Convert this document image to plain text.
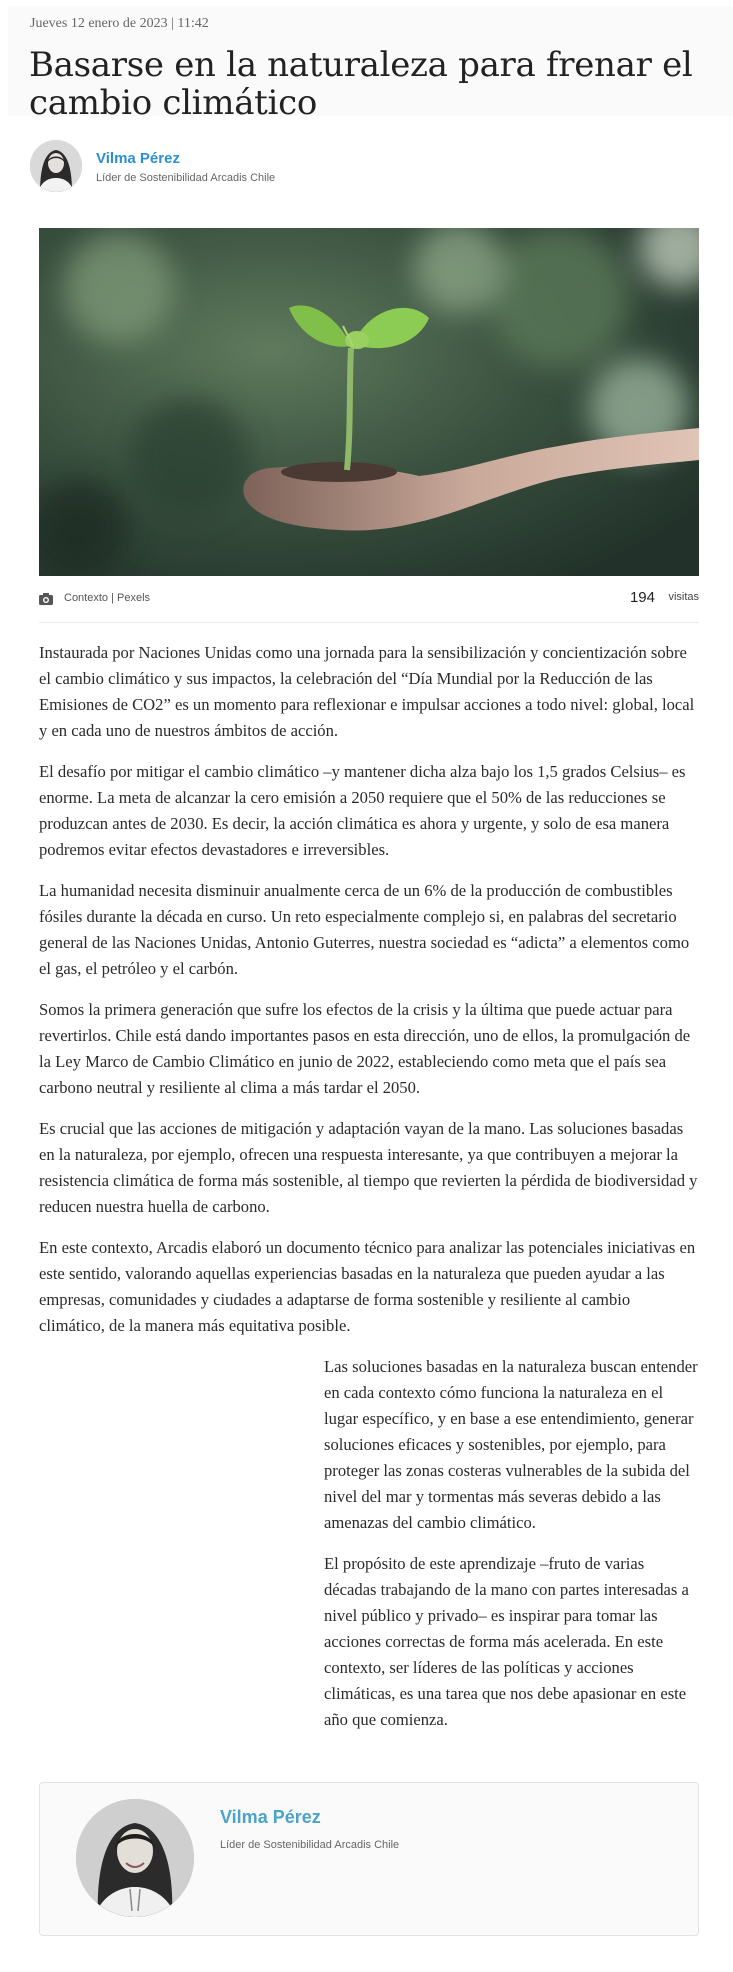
Jueves 12 enero de 2023 | 11:42
Basarse en la naturaleza para frenar el cambio climático
Vilma Pérez
Líder de Sostenibilidad Arcadis Chile
Contexto | Pexels	194 visitas

Instaurada por Naciones Unidas como una jornada para la sensibilización y concientización sobre el cambio climático y sus impactos, la celebración del “Día Mundial por la Reducción de las Emisiones de CO2” es un momento para reflexionar e impulsar acciones a todo nivel: global, local y en cada uno de nuestros ámbitos de acción.

El desafío por mitigar el cambio climático –y mantener dicha alza bajo los 1,5 grados Celsius– es enorme. La meta de alcanzar la cero emisión a 2050 requiere que el 50% de las reducciones se produzcan antes de 2030. Es decir, la acción climática es ahora y urgente, y solo de esa manera podremos evitar efectos devastadores e irreversibles.

La humanidad necesita disminuir anualmente cerca de un 6% de la producción de combustibles fósiles durante la década en curso. Un reto especialmente complejo si, en palabras del secretario general de las Naciones Unidas, Antonio Guterres, nuestra sociedad es “adicta” a elementos como el gas, el petróleo y el carbón.

Somos la primera generación que sufre los efectos de la crisis y la última que puede actuar para revertirlos. Chile está dando importantes pasos en esta dirección, uno de ellos, la promulgación de la Ley Marco de Cambio Climático en junio de 2022, estableciendo como meta que el país sea carbono neutral y resiliente al clima a más tardar el 2050.

Es crucial que las acciones de mitigación y adaptación vayan de la mano. Las soluciones basadas en la naturaleza, por ejemplo, ofrecen una respuesta interesante, ya que contribuyen a mejorar la resistencia climática de forma más sostenible, al tiempo que revierten la pérdida de biodiversidad y reducen nuestra huella de carbono.

En este contexto, Arcadis elaboró un documento técnico para analizar las potenciales iniciativas en este sentido, valorando aquellas experiencias basadas en la naturaleza que pueden ayudar a las empresas, comunidades y ciudades a adaptarse de forma sostenible y resiliente al cambio climático, de la manera más equitativa posible.

Las soluciones basadas en la naturaleza buscan entender en cada contexto cómo funciona la naturaleza en el lugar específico, y en base a ese entendimiento, generar soluciones eficaces y sostenibles, por ejemplo, para proteger las zonas costeras vulnerables de la subida del nivel del mar y tormentas más severas debido a las amenazas del cambio climático.

El propósito de este aprendizaje –fruto de varias décadas trabajando de la mano con partes interesadas a nivel público y privado– es inspirar para tomar las acciones correctas de forma más acelerada. En este contexto, ser líderes de las políticas y acciones climáticas, es una tarea que nos debe apasionar en este año que comienza.

Vilma Pérez
Líder de Sostenibilidad Arcadis Chile
